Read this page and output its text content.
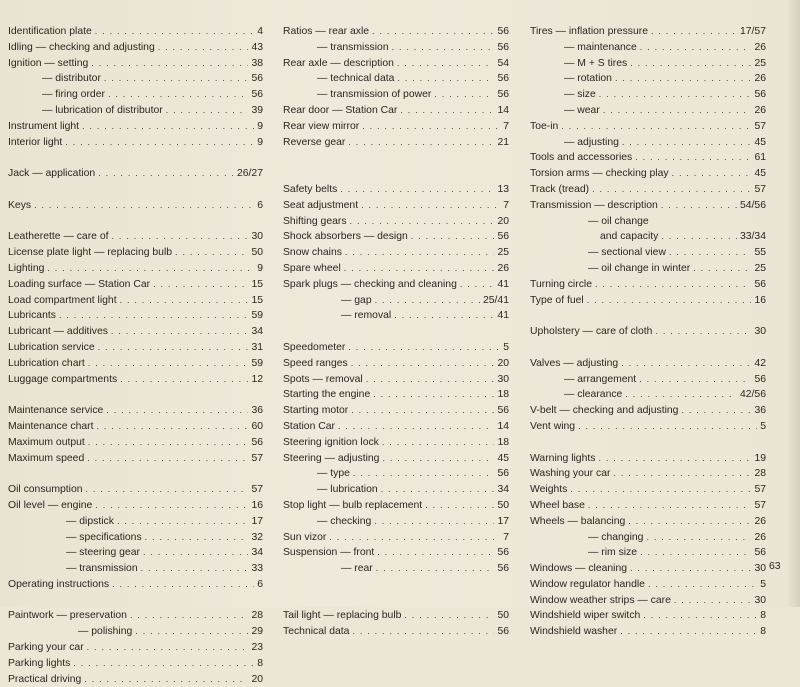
Identification plate . . .	4
Idling — checking and adjusting . . .	43
Ignition — setting . . .	38
— distributor . . .	56
— firing order . . .	56
— lubrication of distributor . . .	39
Instrument light . . .	9
Interior light . . .	9
Jack — application . . .	26/27
Keys . . .	6
Leatherette — care of . . .	30
License plate light — replacing bulb . . .	50
Lighting . . .	9
Loading surface — Station Car . . .	15
Load compartment light . . .	15
Lubricants . . .	59
Lubricant — additives . . .	34
Lubrication service . . .	31
Lubrication chart . . .	59
Luggage compartments . . .	12
Maintenance service . . .	36
Maintenance chart . . .	60
Maximum output . . .	56
Maximum speed . . .	57
Oil consumption . . .	57
Oil level — engine . . .	16
— dipstick . . .	17
— specifications . . .	32
— steering gear . . .	34
— transmission . . .	33
Operating instructions . . .	6
Paintwork — preservation . . .	28
— polishing . . .	29
Parking your car . . .	23
Parking lights . . .	8
Practical driving . . .	20
Ratios — rear axle . . .	56
— transmission . . .	56
Rear axle — description . . .	54
— technical data . . .	56
— transmission of power . . .	56
Rear door — Station Car . . .	14
Rear view mirror . . .	7
Reverse gear . . .	21
Safety belts . . .	13
Seat adjustment . . .	7
Shifting gears . . .	20
Shock absorbers — design . . .	56
Snow chains . . .	25
Spare wheel . . .	26
Spark plugs — checking and cleaning . . .	41
— gap . . .	25/41
— removal . . .	41
Speedometer . . .	5
Speed ranges . . .	20
Spots — removal . . .	30
Starting the engine . . .	18
Starting motor . . .	56
Station Car . . .	14
Steering ignition lock . . .	18
Steering — adjusting . . .	45
— type . . .	56
— lubrication . . .	34
Stop light — bulb replacement . . .	50
— checking . . .	17
Sun vizor . . .	7
Suspension — front . . .	56
— rear . . .	56
Tail light — replacing bulb . . .	50
Technical data . . .	56
Tires — inflation pressure . . .	17/57
— maintenance . . .	26
— M + S tires . . .	25
— rotation . . .	26
— size . . .	56
— wear . . .	26
Toe-in . . .	57
— adjusting . . .	45
Tools and accessories . . .	61
Torsion arms — checking play . . .	45
Track (tread) . . .	57
Transmission — description . . .	54/56
— oil change
and capacity . . .	33/34
— sectional view . . .	55
— oil change in winter . . .	25
Turning circle . . .	56
Type of fuel . . .	16
Upholstery — care of cloth . . .	30
Valves — adjusting . . .	42
— arrangement . . .	56
— clearance . . .	42/56
V-belt — checking and adjusting . . .	36
Vent wing . . .	5
Warning lights . . .	19
Washing your car . . .	28
Weights . . .	57
Wheel base . . .	57
Wheels — balancing . . .	26
— changing . . .	26
— rim size . . .	56
Windows — cleaning . . .	30
Window regulator handle . . .	5
Window weather strips — care . . .	30
Windshield wiper switch . . .	8
Windshield washer . . .	8
63
